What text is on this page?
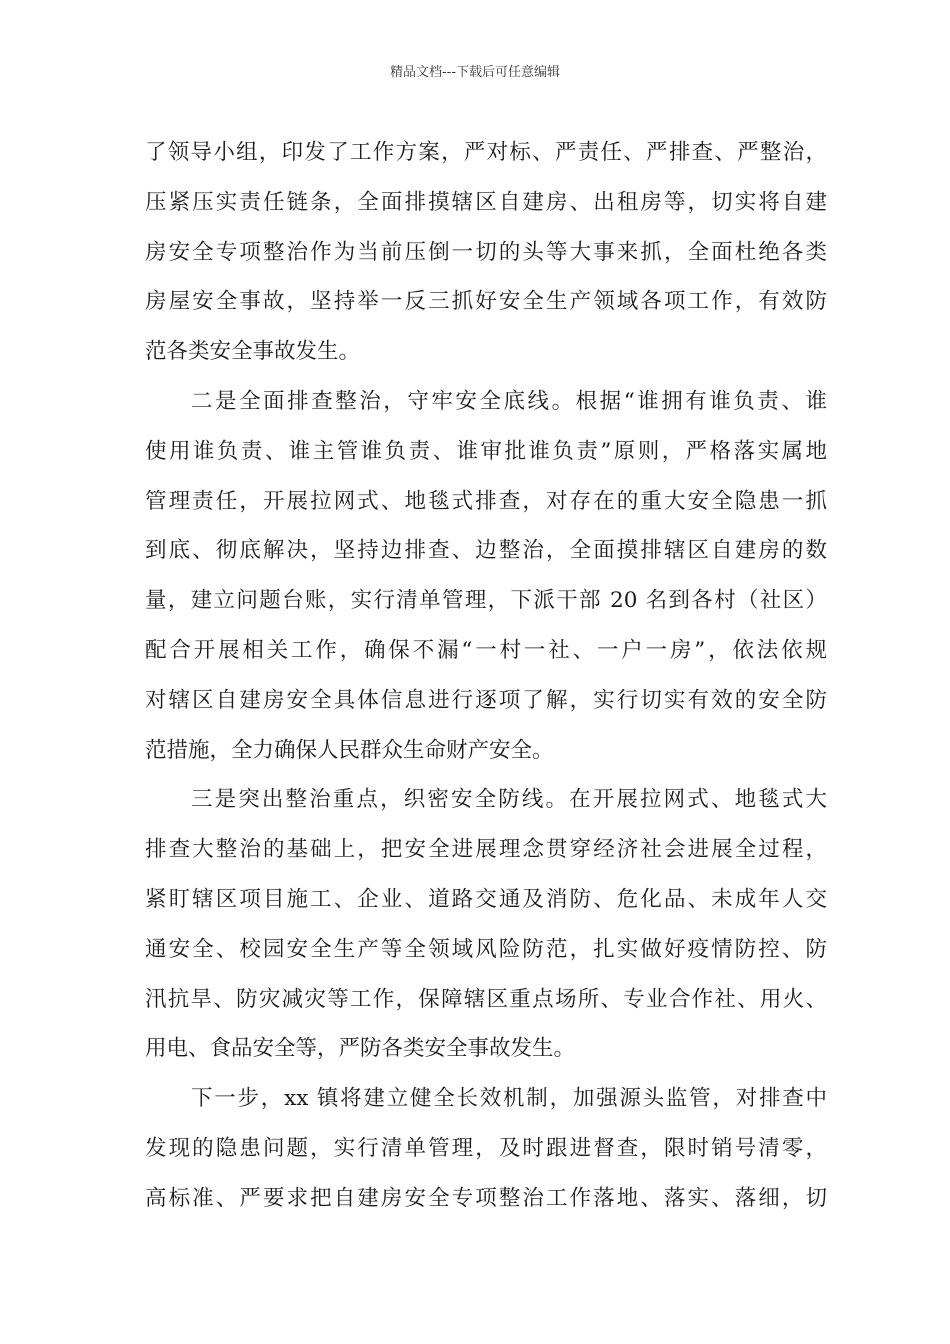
精品文档---下载后可任意编辑
了领导小组，印发了工作方案，严对标、严责任、严排查、严整治，
压紧压实责任链条，全面排摸辖区自建房、出租房等，切实将自建
房安全专项整治作为当前压倒一切的头等大事来抓，全面杜绝各类
房屋安全事故，坚持举一反三抓好安全生产领域各项工作，有效防
范各类安全事故发生。
二是全面排查整治，守牢安全底线。根据“谁拥有谁负责、谁
使用谁负责、谁主管谁负责、谁审批谁负责”原则，严格落实属地
管理责任，开展拉网式、地毯式排查，对存在的重大安全隐患一抓
到底、彻底解决，坚持边排查、边整治，全面摸排辖区自建房的数
量，建立问题台账，实行清单管理，下派干部 20 名到各村（社区）
配合开展相关工作，确保不漏“一村一社、一户一房”，依法依规
对辖区自建房安全具体信息进行逐项了解，实行切实有效的安全防
范措施，全力确保人民群众生命财产安全。
三是突出整治重点，织密安全防线。在开展拉网式、地毯式大
排查大整治的基础上，把安全进展理念贯穿经济社会进展全过程，
紧盯辖区项目施工、企业、道路交通及消防、危化品、未成年人交
通安全、校园安全生产等全领域风险防范，扎实做好疫情防控、防
汛抗旱、防灾减灾等工作，保障辖区重点场所、专业合作社、用火、
用电、食品安全等，严防各类安全事故发生。
下一步，xx 镇将建立健全长效机制，加强源头监管，对排查中
发现的隐患问题，实行清单管理，及时跟进督查，限时销号清零，
高标准、严要求把自建房安全专项整治工作落地、落实、落细，切
